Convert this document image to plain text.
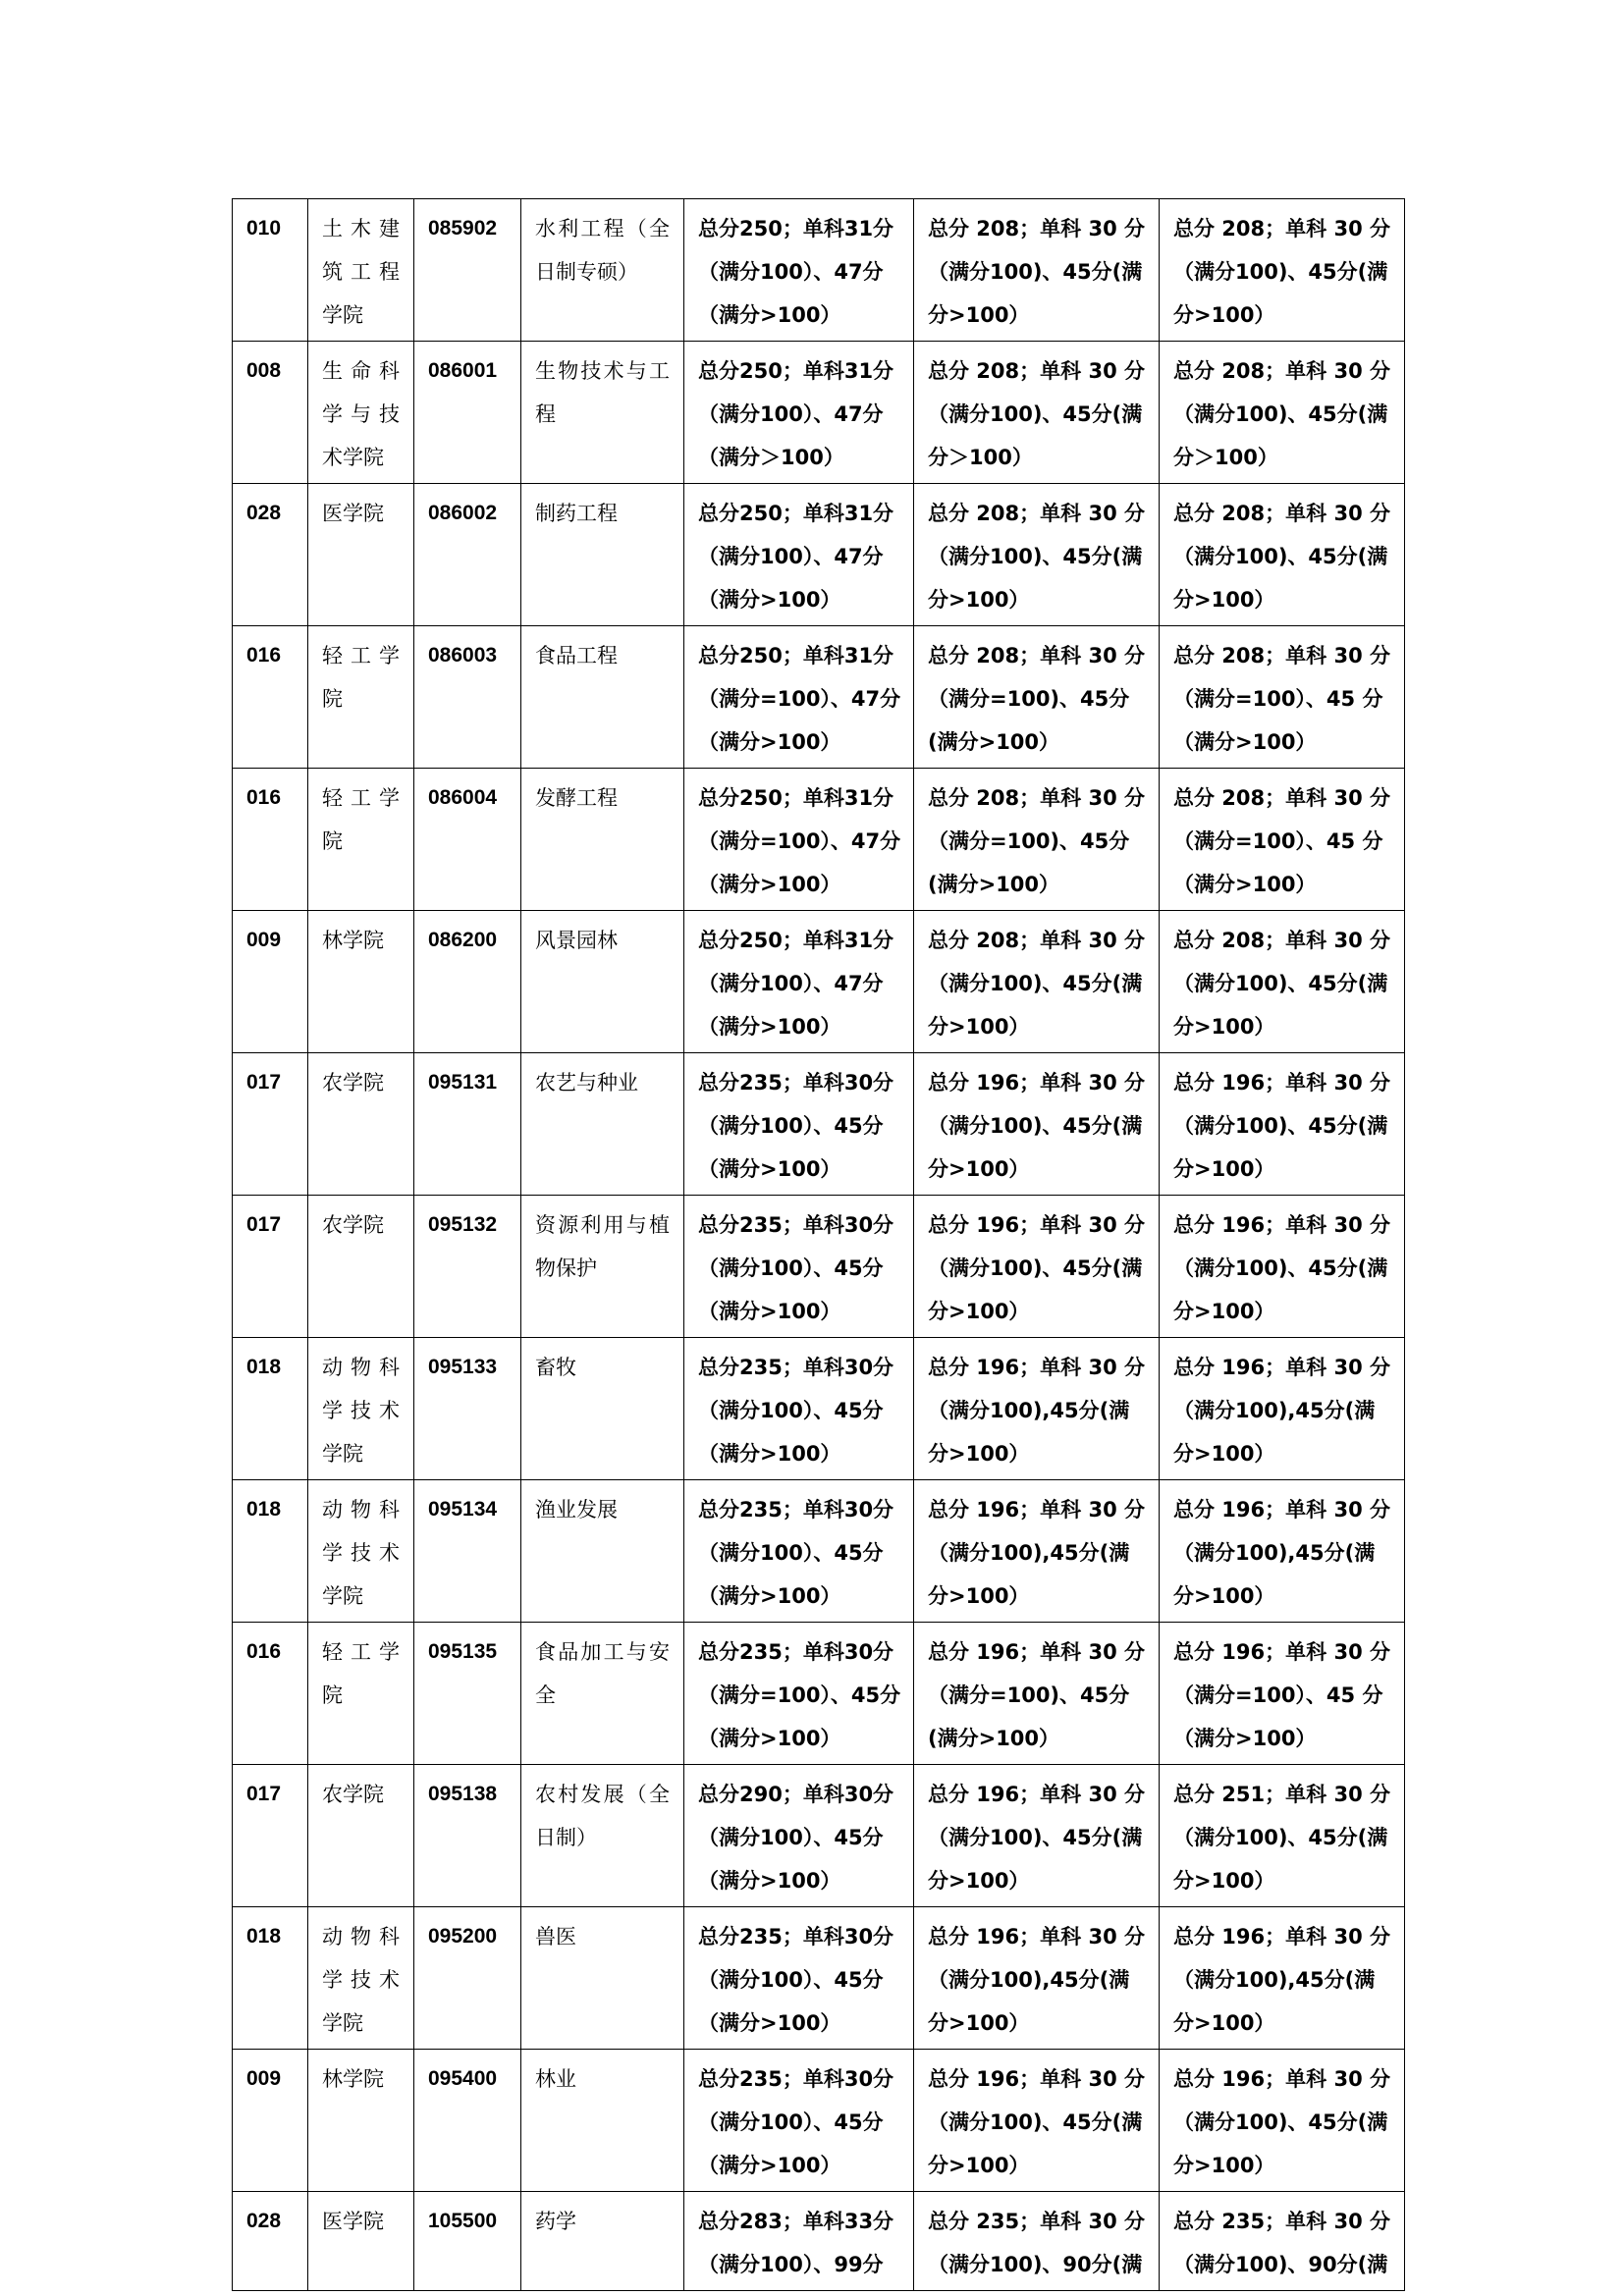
010	土木建筑工程学院	085902	水利工程（全日制专硕）	总分250；单科31分（满分100）、47分（满分>100）	总分 208；单科 30 分（满分100)、45分(满分>100）	总分 208；单科 30 分（满分100)、45分(满分>100）

008	生命科学与技术学院	086001	生物技术与工程	总分250；单科31分（满分100）、47分（满分＞100）	总分 208；单科 30 分（满分100)、45分(满分＞100）	总分 208；单科 30 分（满分100)、45分(满分＞100）

028	医学院	086002	制药工程	总分250；单科31分（满分100）、47分（满分>100）	总分 208；单科 30 分（满分100)、45分(满分>100）	总分 208；单科 30 分（满分100)、45分(满分>100）

016	轻工学院	086003	食品工程	总分250；单科31分（满分=100）、47分（满分>100）	总分 208；单科 30 分（满分=100)、45分(满分>100）	总分 208；单科 30 分（满分=100）、45 分（满分>100）

016	轻工学院	086004	发酵工程	总分250；单科31分（满分=100）、47分（满分>100）	总分 208；单科 30 分（满分=100)、45分(满分>100）	总分 208；单科 30 分（满分=100）、45 分（满分>100）

009	林学院	086200	风景园林	总分250；单科31分（满分100）、47分（满分>100）	总分 208；单科 30 分（满分100)、45分(满分>100）	总分 208；单科 30 分（满分100)、45分(满分>100）

017	农学院	095131	农艺与种业	总分235；单科30分（满分100）、45分（满分>100）	总分 196；单科 30 分（满分100)、45分(满分>100）	总分 196；单科 30 分（满分100)、45分(满分>100）

017	农学院	095132	资源利用与植物保护	总分235；单科30分（满分100）、45分（满分>100）	总分 196；单科 30 分（满分100)、45分(满分>100）	总分 196；单科 30 分（满分100)、45分(满分>100）

018	动物科学技术学院	095133	畜牧	总分235；单科30分（满分100）、45分（满分>100）	总分 196；单科 30 分（满分100),45分(满分>100）	总分 196；单科 30 分（满分100),45分(满分>100）

018	动物科学技术学院	095134	渔业发展	总分235；单科30分（满分100）、45分（满分>100）	总分 196；单科 30 分（满分100),45分(满分>100）	总分 196；单科 30 分（满分100),45分(满分>100）

016	轻工学院	095135	食品加工与安全	总分235；单科30分（满分=100）、45分（满分>100）	总分 196；单科 30 分（满分=100)、45分(满分>100）	总分 196；单科 30 分（满分=100）、45 分（满分>100）

017	农学院	095138	农村发展（全日制）	总分290；单科30分（满分100）、45分（满分>100）	总分 196；单科 30 分（满分100)、45分(满分>100）	总分 251；单科 30 分（满分100)、45分(满分>100）

018	动物科学技术学院	095200	兽医	总分235；单科30分（满分100）、45分（满分>100）	总分 196；单科 30 分（满分100),45分(满分>100）	总分 196；单科 30 分（满分100),45分(满分>100）

009	林学院	095400	林业	总分235；单科30分（满分100）、45分（满分>100）	总分 196；单科 30 分（满分100)、45分(满分>100）	总分 196；单科 30 分（满分100)、45分(满分>100）

028	医学院	105500	药学	总分283；单科33分（满分100）、99分	总分 235；单科 30 分（满分100)、90分(满	总分 235；单科 30 分（满分100)、90分(满
